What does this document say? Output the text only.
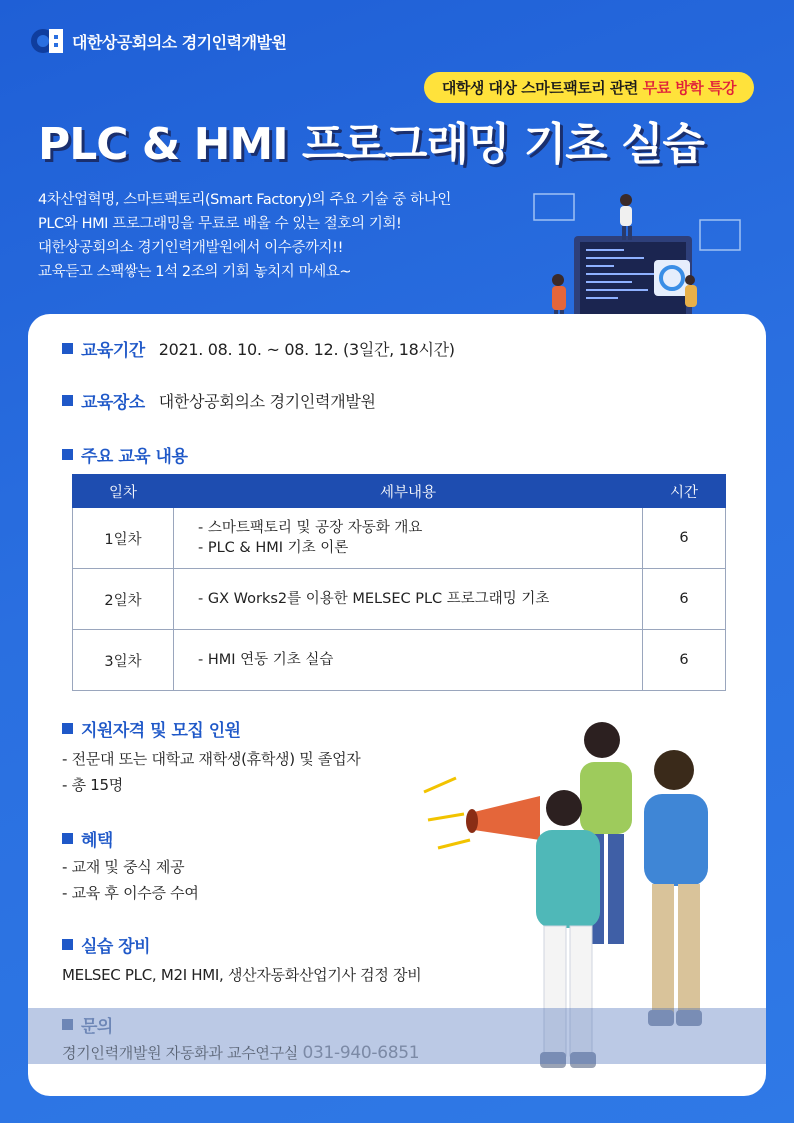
대한상공회의소 경기인력개발원
대학생 대상 스마트팩토리 관련 무료 방학 특강
PLC & HMI 프로그래밍 기초 실습

4차산업혁명, 스마트팩토리(Smart Factory)의 주요 기술 중 하나인

PLC와 HMI 프로그래밍을 무료로 배울 수 있는 절호의 기회!

대한상공회의소 경기인력개발원에서 이수증까지!!

교육듣고 스팩쌓는 1석 2조의 기회 놓치지 마세요~

교육기간 2021. 08. 10. ~ 08. 12. (3일간, 18시간)
교육장소 대한상공회의소 경기인력개발원
주요 교육 내용
일차	세부내용	시간
1일차	- 스마트팩토리 및 공장 자동화 개요
- PLC & HMI 기초 이론	6
2일차	- GX Works2를 이용한 MELSEC PLC 프로그래밍 기초	6
3일차	- HMI 연동 기초 실습	6
지원자격 및 모집 인원

- 전문대 또는 대학교 재학생(휴학생) 및 졸업자

- 총 15명

혜택

- 교재 및 중식 제공

- 교육 후 이수증 수여

실습 장비

MELSEC PLC, M2I HMI, 생산자동화산업기사 검정 장비

문의
경기인력개발원 자동화과 교수연구실 031-940-6851
